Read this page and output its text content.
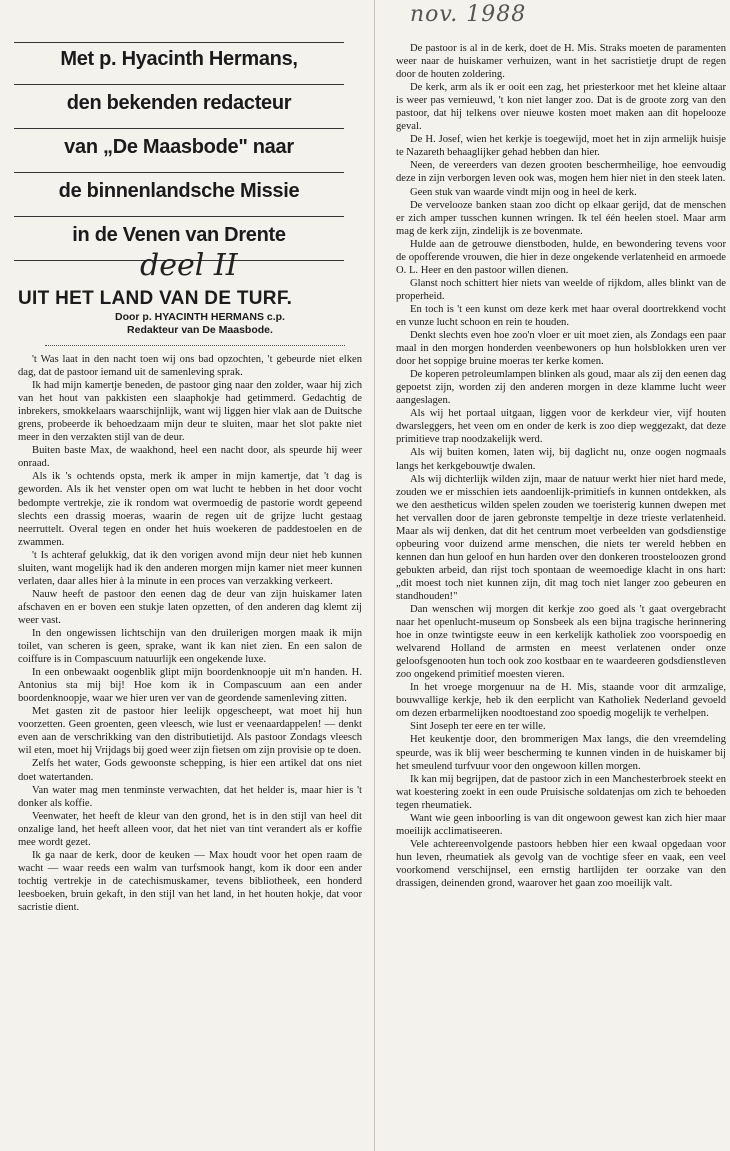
nov. 1988
Met p. Hyacinth Hermans,
den bekenden redacteur
van „De Maasbode" naar
de binnenlandsche Missie
in de Venen van Drente
deel II
UIT HET LAND VAN DE TURF.
Door p. HYACINTH HERMANS c.p.
Redakteur van De Maasbode.

't Was laat in den nacht toen wij ons bad opzochten, 't gebeurde niet elken dag, dat de pastoor iemand uit de samenleving sprak.

Ik had mijn kamertje beneden, de pastoor ging naar den zolder, waar hij zich van het hout van pakkisten een slaaphokje had getimmerd. Gedachtig de inbrekers, smokkelaars waarschijnlijk, want wij liggen hier vlak aan de Duitsche grens, probeerde ik behoedzaam mijn deur te sluiten, maar het slot pakte niet meer in den verzakten stijl van de deur.

Buiten baste Max, de waakhond, heel een nacht door, als speurde hij weer onraad.

Als ik 's ochtends opsta, merk ik amper in mijn kamertje, dat 't dag is geworden. Als ik het venster open om wat lucht te hebben in het door vocht bedompte vertrekje, zie ik rondom wat overmoedig de pastorie wordt gepeend slechts een drassig moeras, waarin de regen uit de grijze lucht gestaag neerruttelt. Overal tegen en onder het huis woekeren de paddestoelen en de zwammen.

't Is achteraf gelukkig, dat ik den vorigen avond mijn deur niet heb kunnen sluiten, want mogelijk had ik den anderen morgen mijn kamer niet meer kunnen verlaten, daar alles hier à la minute in een proces van verzakking verkeert.

Nauw heeft de pastoor den eenen dag de deur van zijn huiskamer laten afschaven en er boven een stukje laten opzetten, of den anderen dag klemt zij weer vast.

In den ongewissen lichtschijn van den druilerigen morgen maak ik mijn toilet, van scheren is geen, sprake, want ik kan niet zien. En een salon de coiffure is in Compascuum natuurlijk een ongekende luxe.

In een onbewaakt oogenblik glipt mijn boordenknoopje uit m'n handen. H. Antonius sta mij bij! Hoe kom ik in Compascuum aan een ander boordenknoopje, waar we hier uren ver van de geordende samenleving zitten.

Met gasten zit de pastoor hier leelijk opgescheept, wat moet hij hun voorzetten. Geen groenten, geen vleesch, wie lust er veenaardappelen! — denkt even aan de verschrikking van den distributietijd. Als pastoor Zondags vleesch wil eten, moet hij Vrijdags bij goed weer zijn fietsen om zijn provisie op te doen.

Zelfs het water, Gods gewoonste schepping, is hier een artikel dat ons niet doet watertanden.

Van water mag men tenminste verwachten, dat het helder is, maar hier is 't donker als koffie.

Veenwater, het heeft de kleur van den grond, het is in den stijl van heel dit onzalige land, het heeft alleen voor, dat het niet van tint verandert als er koffie mee wordt gezet.

Ik ga naar de kerk, door de keuken — Max houdt voor het open raam de wacht — waar reeds een walm van turfsmook hangt, kom ik door een ander tochtig vertrekje in de catechismuskamer, tevens bibliotheek, een honderd leesboeken, bruin gekaft, in den stijl van het land, in het houten hokje, dat voor sacristie dient.

De pastoor is al in de kerk, doet de H. Mis. Straks moeten de paramenten weer naar de huiskamer verhuizen, want in het sacristietje drupt de regen door de houten zoldering.

De kerk, arm als ik er ooit een zag, het priesterkoor met het kleine altaar is weer pas vernieuwd, 't kon niet langer zoo. Dat is de groote zorg van den pastoor, dat hij telkens over nieuwe kosten moet maken aan dit hopelooze geval.

De H. Josef, wien het kerkje is toegewijd, moet het in zijn armelijk huisje te Nazareth behaaglijker gehad hebben dan hier.

Neen, de vereerders van dezen grooten beschermheilige, hoe eenvoudig deze in zijn verborgen leven ook was, mogen hem hier niet in den steek laten.

Geen stuk van waarde vindt mijn oog in heel de kerk.

De vervelooze banken staan zoo dicht op elkaar gerijd, dat de menschen er zich amper tusschen kunnen wringen. Ik tel één heelen stoel. Maar arm mag de kerk zijn, zindelijk is ze bovenmate.

Hulde aan de getrouwe dienstboden, hulde, en bewondering tevens voor de opofferende vrouwen, die hier in deze ongekende verlatenheid en armoede O. L. Heer en den pastoor willen dienen.

Glanst noch schittert hier niets van weelde of rijkdom, alles blinkt van de properheid.

En toch is 't een kunst om deze kerk met haar overal doortrekkend vocht en vunze lucht schoon en rein te houden.

Denkt slechts even hoe zoo'n vloer er uit moet zien, als Zondags een paar maal in den morgen honderden veenbewoners op hun holsblokken uren ver door het soppige bruine moeras ter kerke komen.

De koperen petroleumlampen blinken als goud, maar als zij den eenen dag gepoetst zijn, worden zij den anderen morgen in deze klamme lucht weer aangeslagen.

Als wij het portaal uitgaan, liggen voor de kerkdeur vier, vijf houten dwarsleggers, het veen om en onder de kerk is zoo diep weggezakt, dat deze primitieve trap noodzakelijk werd.

Als wij buiten komen, laten wij, bij daglicht nu, onze oogen nogmaals langs het kerkgebouwtje dwalen.

Als wij dichterlijk wilden zijn, maar de natuur werkt hier niet hard mede, zouden we er misschien iets aandoenlijk-primitiefs in kunnen ontdekken, als we den aestheticus wilden spelen zouden we toeristerig kunnen dwepen met het vervallen door de jaren gebronste tempeltje in deze trieste verlatenheid. Maar als wij denken, dat dit het centrum moet verbeelden van godsdienstige opbeuring voor duizend arme menschen, die niets ter wereld hebben en kennen dan hun geloof en hun harden over den donkeren troosteloozen grond gebukten arbeid, dan rijst toch spontaan de weemoedige klacht in ons hart: „dit moest toch niet kunnen zijn, dit mag toch niet langer zoo gebeuren en standhouden!"

Dan wenschen wij morgen dit kerkje zoo goed als 't gaat overgebracht naar het openlucht-museum op Sonsbeek als een bijna tragische herinnering hoe in onze twintigste eeuw in een kerkelijk katholiek zoo voorspoedig en welvarend Holland de armsten en meest verlatenen onder onze geloofsgenooten hun toch ook zoo kostbaar en te waardeeren godsdienstleven zoo ongekend primitief moesten vieren.

In het vroege morgenuur na de H. Mis, staande voor dit armzalige, bouwvallige kerkje, heb ik den eerplicht van Katholiek Nederland gevoeld om dezen erbarmelijken noodtoestand zoo spoedig mogelijk te verhelpen.

Sint Joseph ter eere en ter wille.

Het keukentje door, den brommerigen Max langs, die den vreemdeling speurde, was ik blij weer bescherming te kunnen vinden in de huiskamer bij het smeulend turfvuur voor den ongewoon killen morgen.

Ik kan mij begrijpen, dat de pastoor zich in een Manchesterbroek steekt en wat koestering zoekt in een oude Pruisische soldatenjas om zich te behoeden tegen rheumatiek.

Want wie geen inboorling is van dit ongewoon gewest kan zich hier maar moeilijk acclimatiseeren.

Vele achtereenvolgende pastoors hebben hier een kwaal opgedaan voor hun leven, rheumatiek als gevolg van de vochtige sfeer en vaak, een veel voorkomend verschijnsel, een ernstig hartlijden ter oorzake van den drassigen, deinenden grond, waarover het gaan zoo moeilijk valt.
